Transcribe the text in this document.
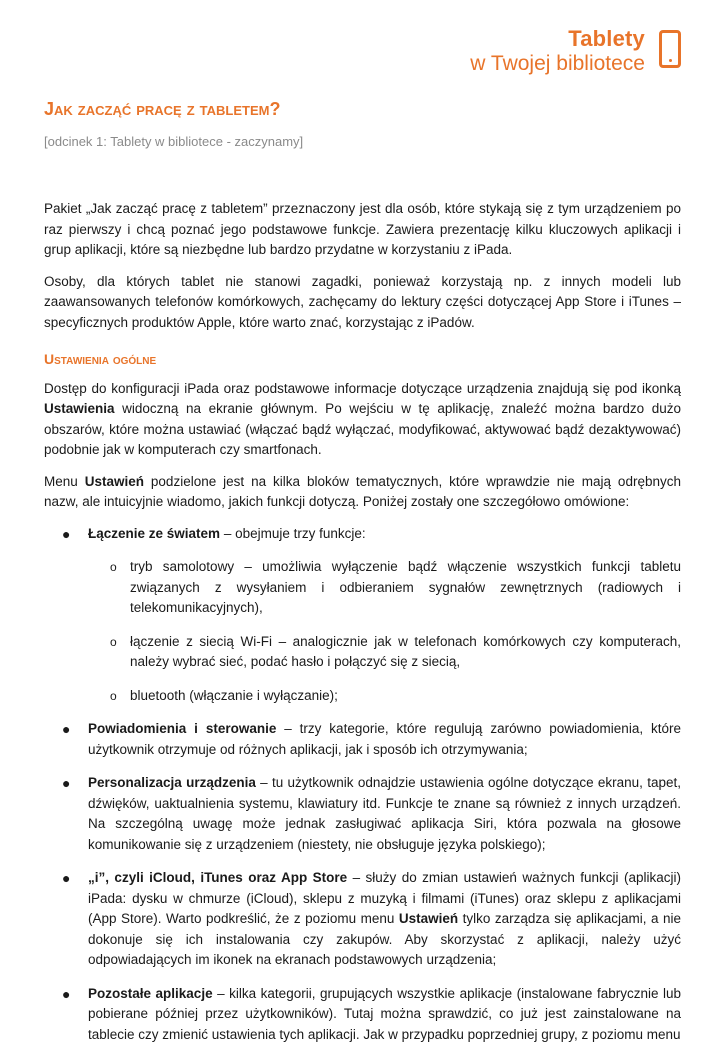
Tablety
w Twojej bibliotece
Jak zacząć pracę z tabletem?

[odcinek 1: Tablety w bibliotece - zaczynamy]

Pakiet „Jak zacząć pracę z tabletem” przeznaczony jest dla osób, które stykają się z tym urządzeniem po raz pierwszy i chcą poznać jego podstawowe funkcje. Zawiera prezentację kilku kluczowych aplikacji i grup aplikacji, które są niezbędne lub bardzo przydatne w korzystaniu z iPada.

Osoby, dla których tablet nie stanowi zagadki, ponieważ korzystają np. z innych modeli lub zaawansowanych telefonów komórkowych, zachęcamy do lektury części dotyczącej App Store i iTunes – specyficznych produktów Apple, które warto znać, korzystając z iPadów.

Ustawienia ogólne

Dostęp do konfiguracji iPada oraz podstawowe informacje dotyczące urządzenia znajdują się pod ikonką Ustawienia widoczną na ekranie głównym. Po wejściu w tę aplikację, znaleźć można bardzo dużo obszarów, które można ustawiać (włączać bądź wyłączać, modyfikować, aktywować bądź dezaktywować) podobnie jak w komputerach czy smartfonach.

Menu Ustawień podzielone jest na kilka bloków tematycznych, które wprawdzie nie mają odrębnych nazw, ale intuicyjnie wiadomo, jakich funkcji dotyczą. Poniżej zostały one szczegółowo omówione:

● Łączenie ze światem – obejmuje trzy funkcje:
o tryb samolotowy – umożliwia wyłączenie bądź włączenie wszystkich funkcji tabletu związanych z wysyłaniem i odbieraniem sygnałów zewnętrznych (radiowych i telekomunikacyjnych),
o łączenie z siecią Wi-Fi – analogicznie jak w telefonach komórkowych czy komputerach, należy wybrać sieć, podać hasło i połączyć się z siecią,
o bluetooth (włączanie i wyłączanie);
● Powiadomienia i sterowanie – trzy kategorie, które regulują zarówno powiadomienia, które użytkownik otrzymuje od różnych aplikacji, jak i sposób ich otrzymywania;
● Personalizacja urządzenia – tu użytkownik odnajdzie ustawienia ogólne dotyczące ekranu, tapet, dźwięków, uaktualnienia systemu, klawiatury itd. Funkcje te znane są również z innych urządzeń. Na szczególną uwagę może jednak zasługiwać aplikacja Siri, która pozwala na głosowe komunikowanie się z urządzeniem (niestety, nie obsługuje języka polskiego);
● „i”, czyli iCloud, iTunes oraz App Store – służy do zmian ustawień ważnych funkcji (aplikacji) iPada: dysku w chmurze (iCloud), sklepu z muzyką i filmami (iTunes) oraz sklepu z aplikacjami (App Store). Warto podkreślić, że z poziomu menu Ustawień tylko zarządza się aplikacjami, a nie dokonuje się ich instalowania czy zakupów. Aby skorzystać z aplikacji, należy użyć odpowiadających im ikonek na ekranach podstawowych urządzenia;
● Pozostałe aplikacje – kilka kategorii, grupujących wszystkie aplikacje (instalowane fabrycznie lub pobierane później przez użytkowników). Tutaj można sprawdzić, co już jest zainstalowane na tablecie czy zmienić ustawienia tych aplikacji. Jak w przypadku poprzedniej grupy, z poziomu menu
